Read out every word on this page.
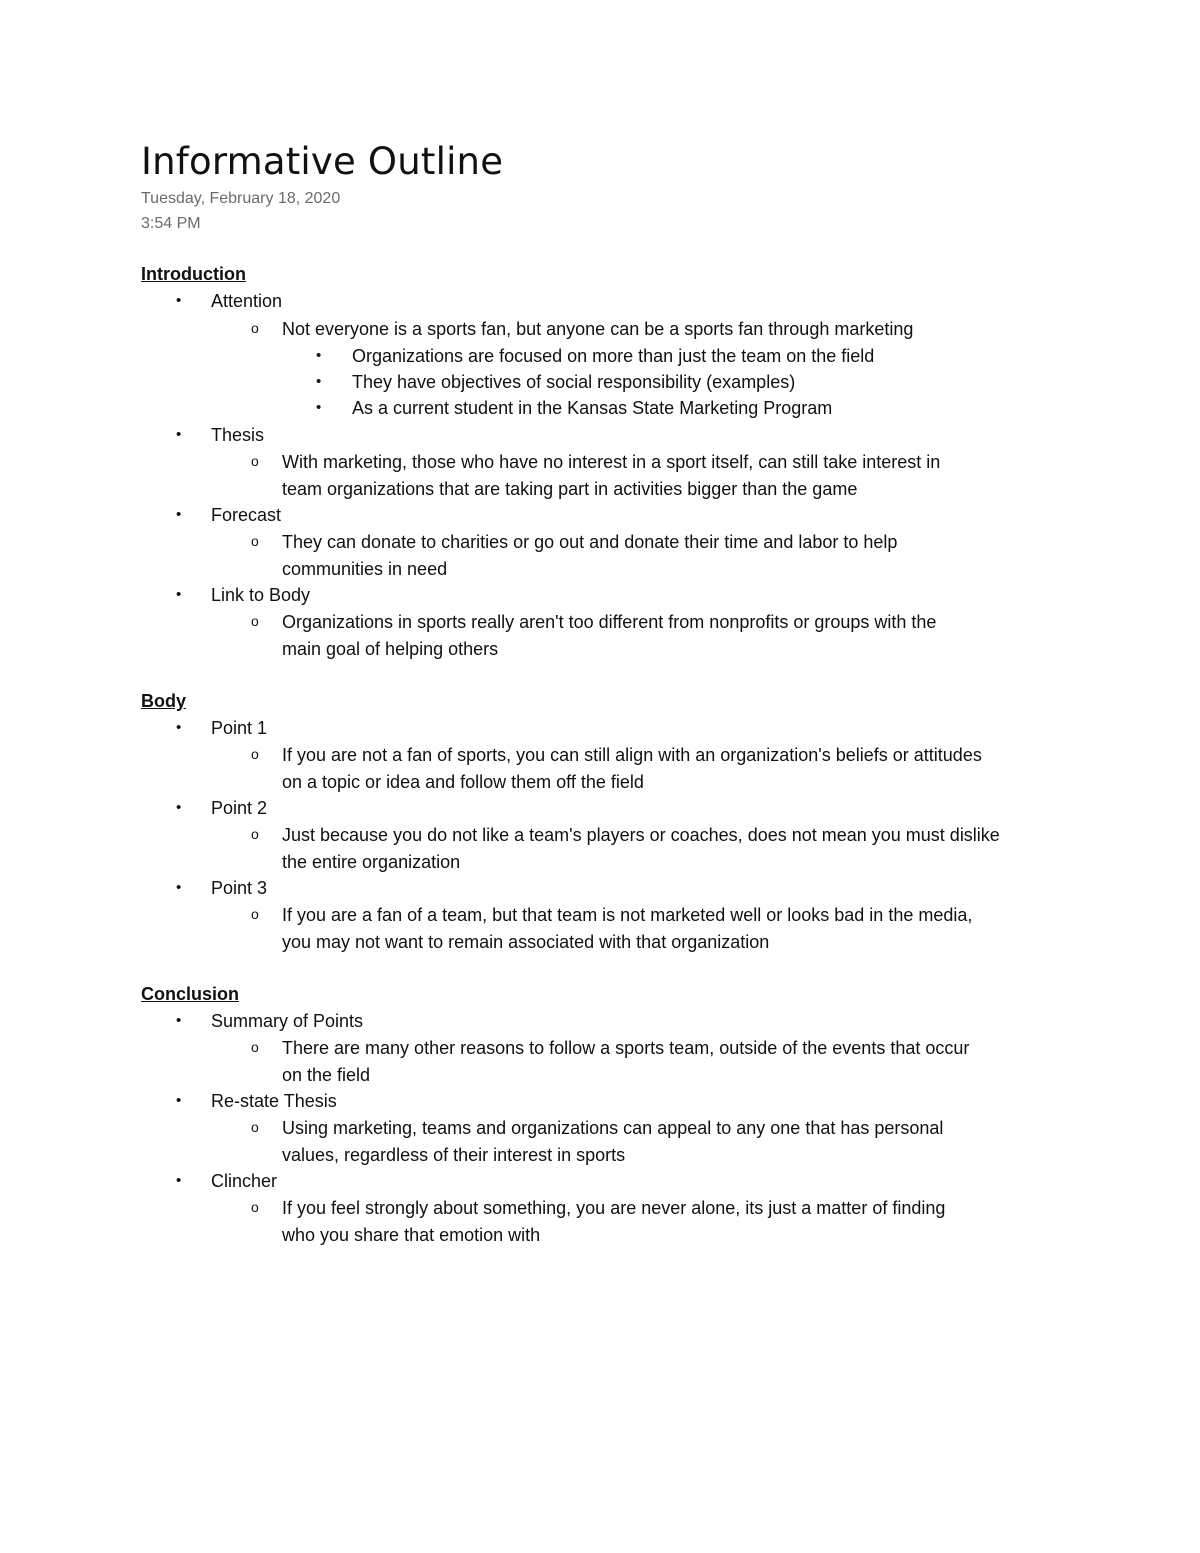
Informative Outline
Tuesday, February 18, 2020
3:54 PM
Introduction
• Attention
o Not everyone is a sports fan, but anyone can be a sports fan through marketing
• Organizations are focused on more than just the team on the field
• They have objectives of social responsibility (examples)
• As a current student in the Kansas State Marketing Program
• Thesis
o With marketing, those who have no interest in a sport itself, can still take interest in
team organizations that are taking part in activities bigger than the game
• Forecast
o They can donate to charities or go out and donate their time and labor to help
communities in need
• Link to Body
o Organizations in sports really aren't too different from nonprofits or groups with the
main goal of helping others
Body
• Point 1
o If you are not a fan of sports, you can still align with an organization's beliefs or attitudes
on a topic or idea and follow them off the field
• Point 2
o Just because you do not like a team's players or coaches, does not mean you must dislike
the entire organization
• Point 3
o If you are a fan of a team, but that team is not marketed well or looks bad in the media,
you may not want to remain associated with that organization
Conclusion
• Summary of Points
o There are many other reasons to follow a sports team, outside of the events that occur
on the field
• Re-state Thesis
o Using marketing, teams and organizations can appeal to any one that has personal
values, regardless of their interest in sports
• Clincher
o If you feel strongly about something, you are never alone, its just a matter of finding
who you share that emotion with
